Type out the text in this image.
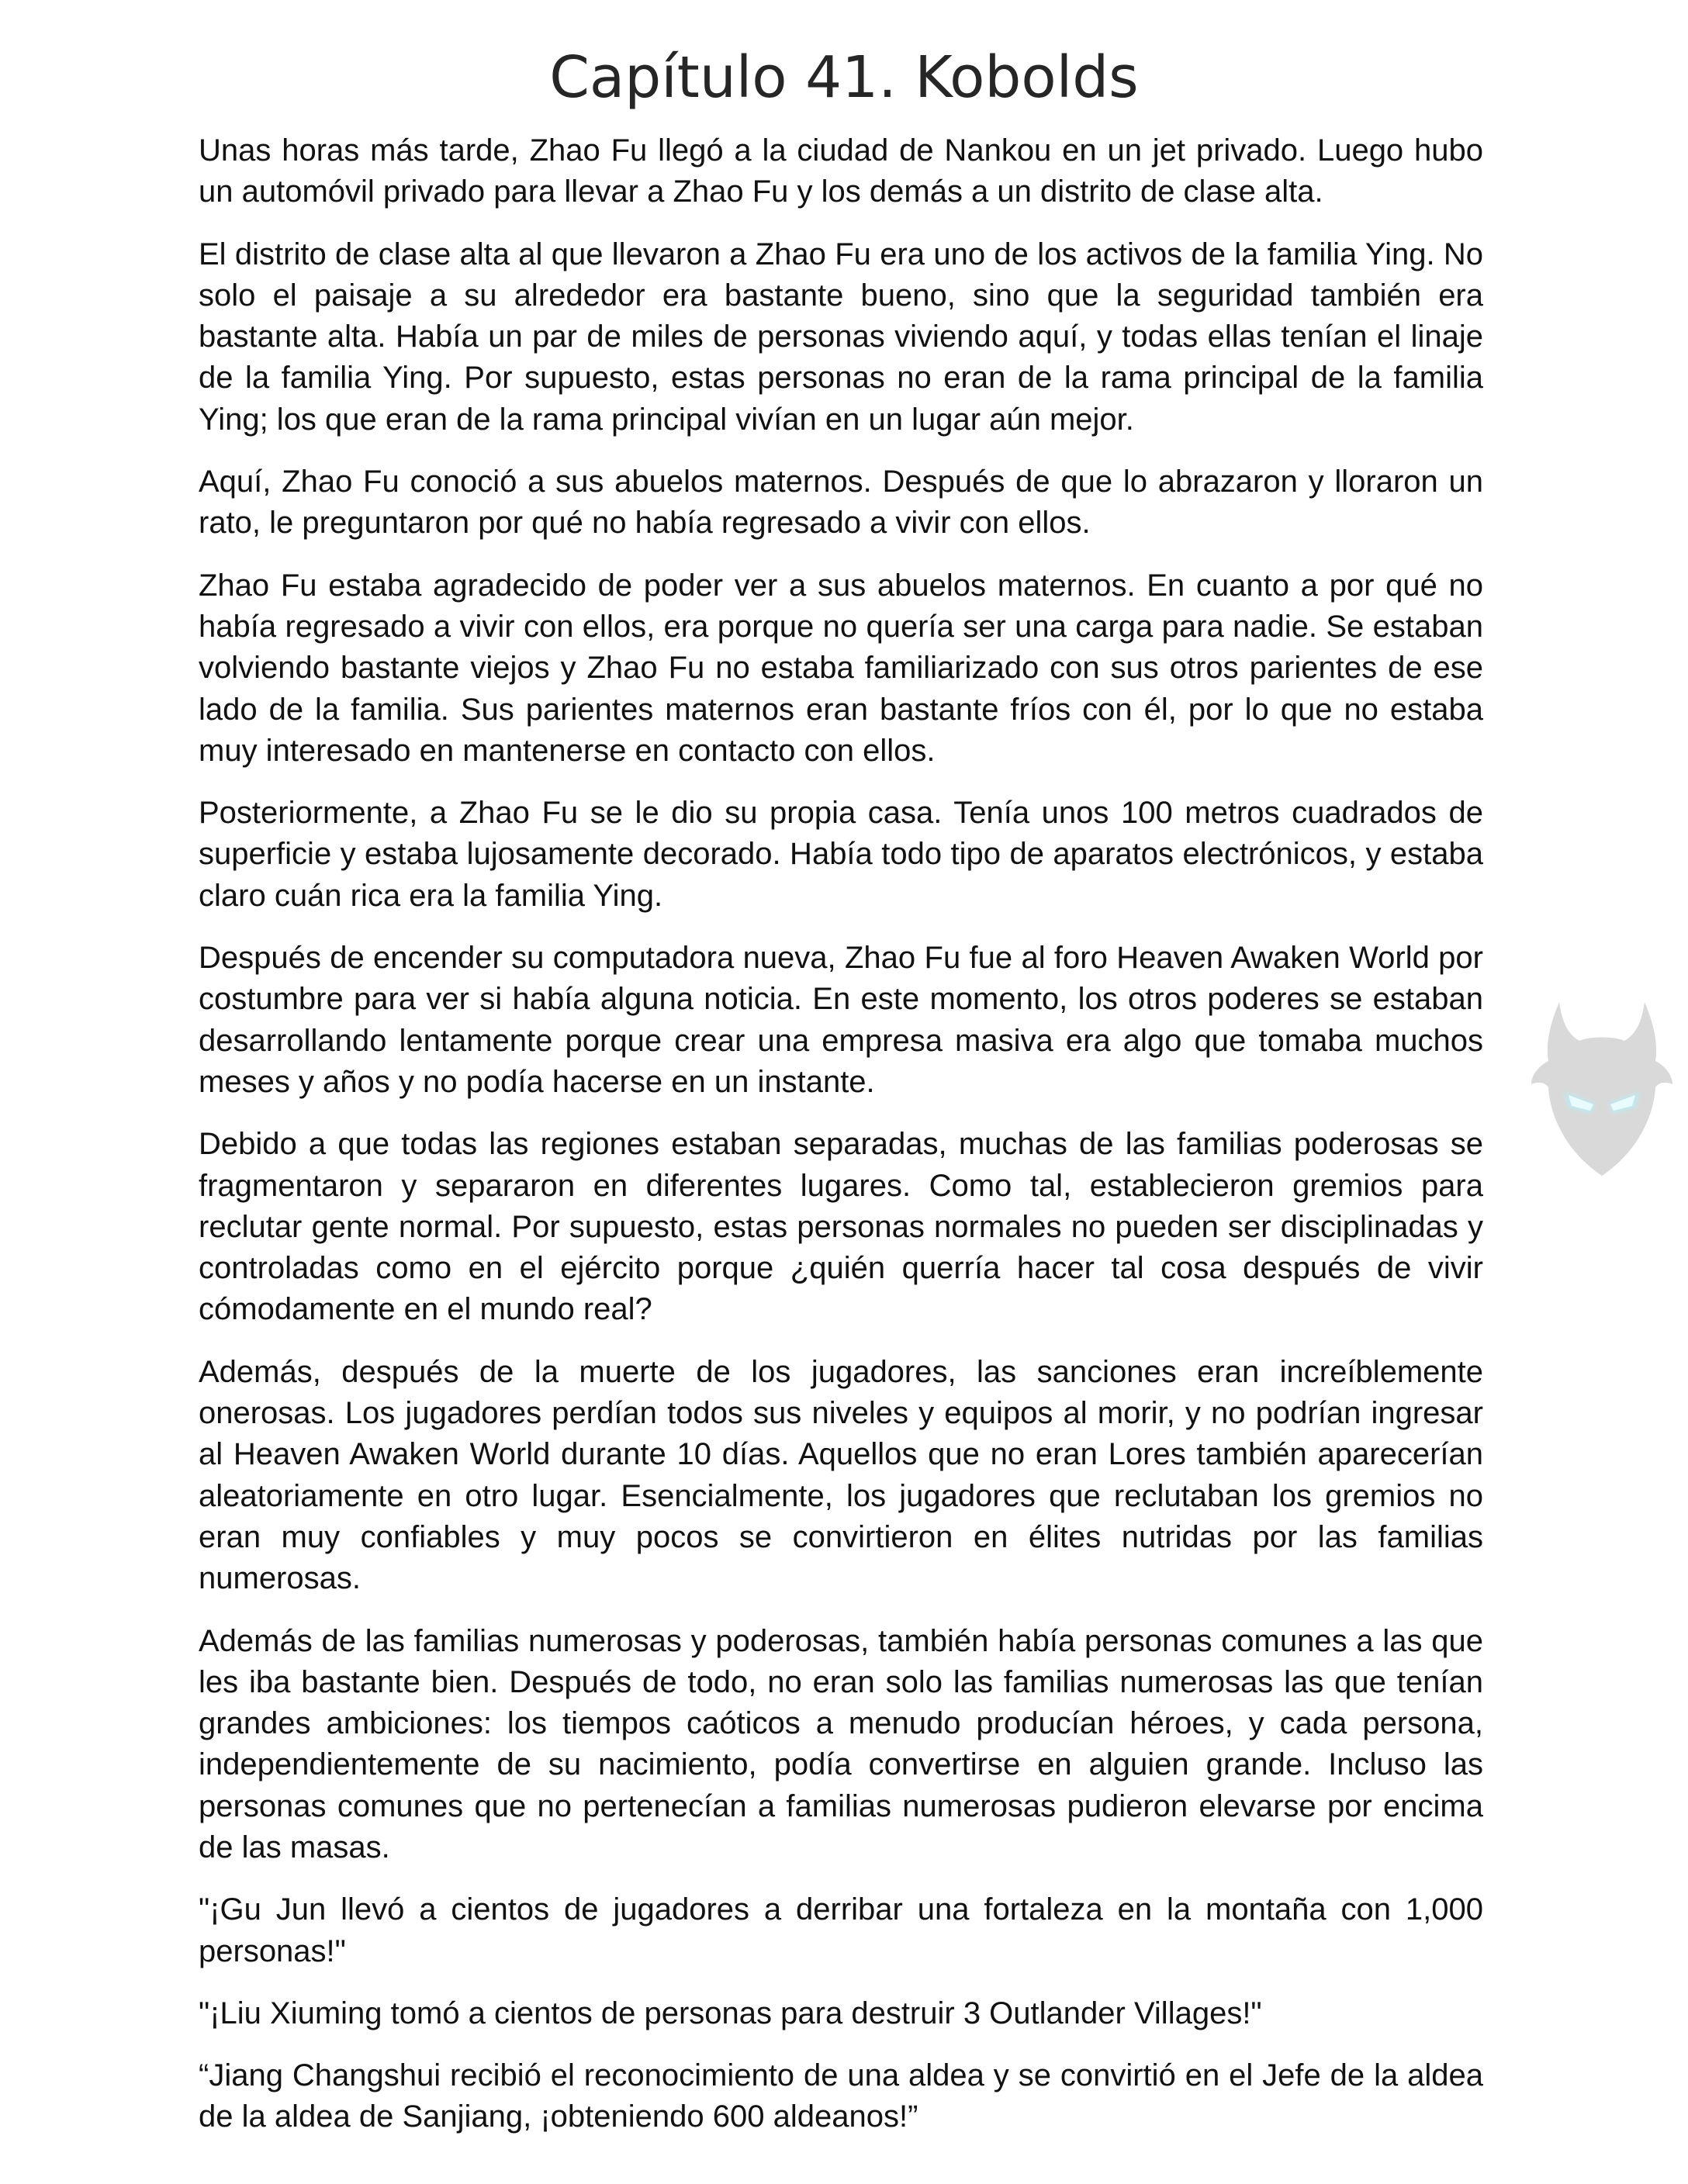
Capítulo 41. Kobolds

Unas horas más tarde, Zhao Fu llegó a la ciudad de Nankou en un jet privado. Luego hubo un automóvil privado para llevar a Zhao Fu y los demás a un distrito de clase alta.

El distrito de clase alta al que llevaron a Zhao Fu era uno de los activos de la familia Ying. No solo el paisaje a su alrededor era bastante bueno, sino que la seguridad también era bastante alta. Había un par de miles de personas viviendo aquí, y todas ellas tenían el linaje de la familia Ying. Por supuesto, estas personas no eran de la rama principal de la familia Ying; los que eran de la rama principal vivían en un lugar aún mejor.

Aquí, Zhao Fu conoció a sus abuelos maternos. Después de que lo abrazaron y lloraron un rato, le preguntaron por qué no había regresado a vivir con ellos.

Zhao Fu estaba agradecido de poder ver a sus abuelos maternos. En cuanto a por qué no había regresado a vivir con ellos, era porque no quería ser una carga para nadie. Se estaban volviendo bastante viejos y Zhao Fu no estaba familiarizado con sus otros parientes de ese lado de la familia. Sus parientes maternos eran bastante fríos con él, por lo que no estaba muy interesado en mantenerse en contacto con ellos.

Posteriormente, a Zhao Fu se le dio su propia casa. Tenía unos 100 metros cuadrados de superficie y estaba lujosamente decorado. Había todo tipo de aparatos electrónicos, y estaba claro cuán rica era la familia Ying.

Después de encender su computadora nueva, Zhao Fu fue al foro Heaven Awaken World por costumbre para ver si había alguna noticia. En este momento, los otros poderes se estaban desarrollando lentamente porque crear una empresa masiva era algo que tomaba muchos meses y años y no podía hacerse en un instante.

Debido a que todas las regiones estaban separadas, muchas de las familias poderosas se fragmentaron y separaron en diferentes lugares. Como tal, establecieron gremios para reclutar gente normal. Por supuesto, estas personas normales no pueden ser disciplinadas y controladas como en el ejército porque ¿quién querría hacer tal cosa después de vivir cómodamente en el mundo real?

Además, después de la muerte de los jugadores, las sanciones eran increíblemente onerosas. Los jugadores perdían todos sus niveles y equipos al morir, y no podrían ingresar al Heaven Awaken World durante 10 días. Aquellos que no eran Lores también aparecerían aleatoriamente en otro lugar. Esencialmente, los jugadores que reclutaban los gremios no eran muy confiables y muy pocos se convirtieron en élites nutridas por las familias numerosas.

Además de las familias numerosas y poderosas, también había personas comunes a las que les iba bastante bien. Después de todo, no eran solo las familias numerosas las que tenían grandes ambiciones: los tiempos caóticos a menudo producían héroes, y cada persona, independientemente de su nacimiento, podía convertirse en alguien grande. Incluso las personas comunes que no pertenecían a familias numerosas pudieron elevarse por encima de las masas.

"¡Gu Jun llevó a cientos de jugadores a derribar una fortaleza en la montaña con 1,000 personas!"

"¡Liu Xiuming tomó a cientos de personas para destruir 3 Outlander Villages!"

“Jiang Changshui recibió el reconocimiento de una aldea y se convirtió en el Jefe de la aldea de la aldea de Sanjiang, ¡obteniendo 600 aldeanos!”
